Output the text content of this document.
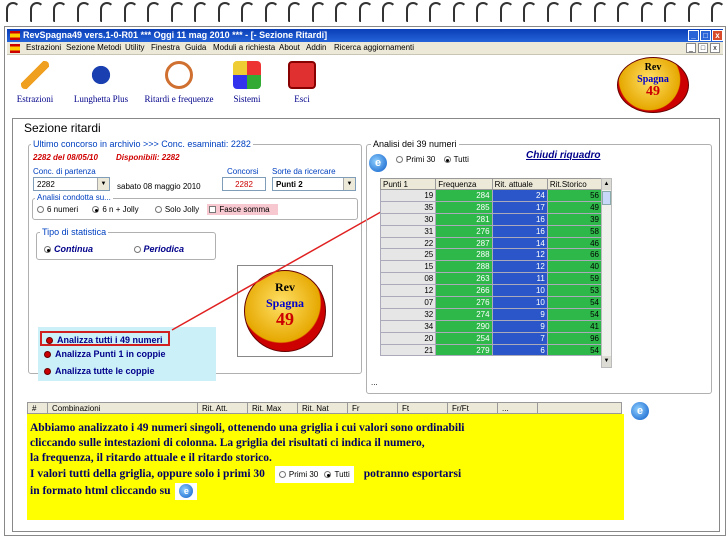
RevSpagna49 vers.1-0-R01 *** Oggi 11 mag 2010 *** - [- Sezione Ritardi]	_ □ x
Estrazioni Sezione Metodi Utility Finestra Guida Moduli a richiesta About Addin Ricerca aggiornamenti	_	□	x
Estrazioni	Lunghetta Plus	Ritardi e frequenze	Sistemi	Esci
Rev
Spagna
49
Sezione ritardi
Ultimo concorso in archivio >>> Conc. esaminati: 2282
2282 del 08/05/10 Disponibili: 2282
Conc. di partenza
2282	▼	sabato 08 maggio 2010
Concorsi
2282
Sorte da ricercare
Punti 2	▼
Analisi condotta su...
6 numeri	6 n + Jolly	Solo Jolly	Fasce somma
Tipo di statistica
Continua	Periodica
Rev
Spagna
49
Analizza tutti i 49 numeri
Analizza Punti 1 in coppie
Analizza tutte le coppie
Analisi dei 39 numeri
e	Primi 30 Tutti	Chiudi riquadro
Punti 1	Frequenza	Rit. attuale	Rit.Storico
19	284	24	56
35	285	17	49
30	281	16	39
31	276	16	58
22	287	14	46
25	288	12	66
15	288	12	40
08	263	11	59
12	266	10	53
07	276	10	54
32	274	9	54
34	290	9	41
20	254	7	96
21	279	6	54
▲
▼
...
#	Combinazioni	Rit. Att.	Rit. Max	Rit. Nat	Fr	Ft	Fr/Ft	...	e
Abbiamo analizzato i 49 numeri singoli, ottenendo una griglia i cui valori sono ordinabili
cliccando sulle intestazioni di colonna. La griglia dei risultati ci indica il numero,
la frequenza, il ritardo attuale e il ritardo storico.
I valori tutti della griglia, oppure solo i primi 30	Primi 30 Tutti potranno esportarsi
in formato html cliccando su e
